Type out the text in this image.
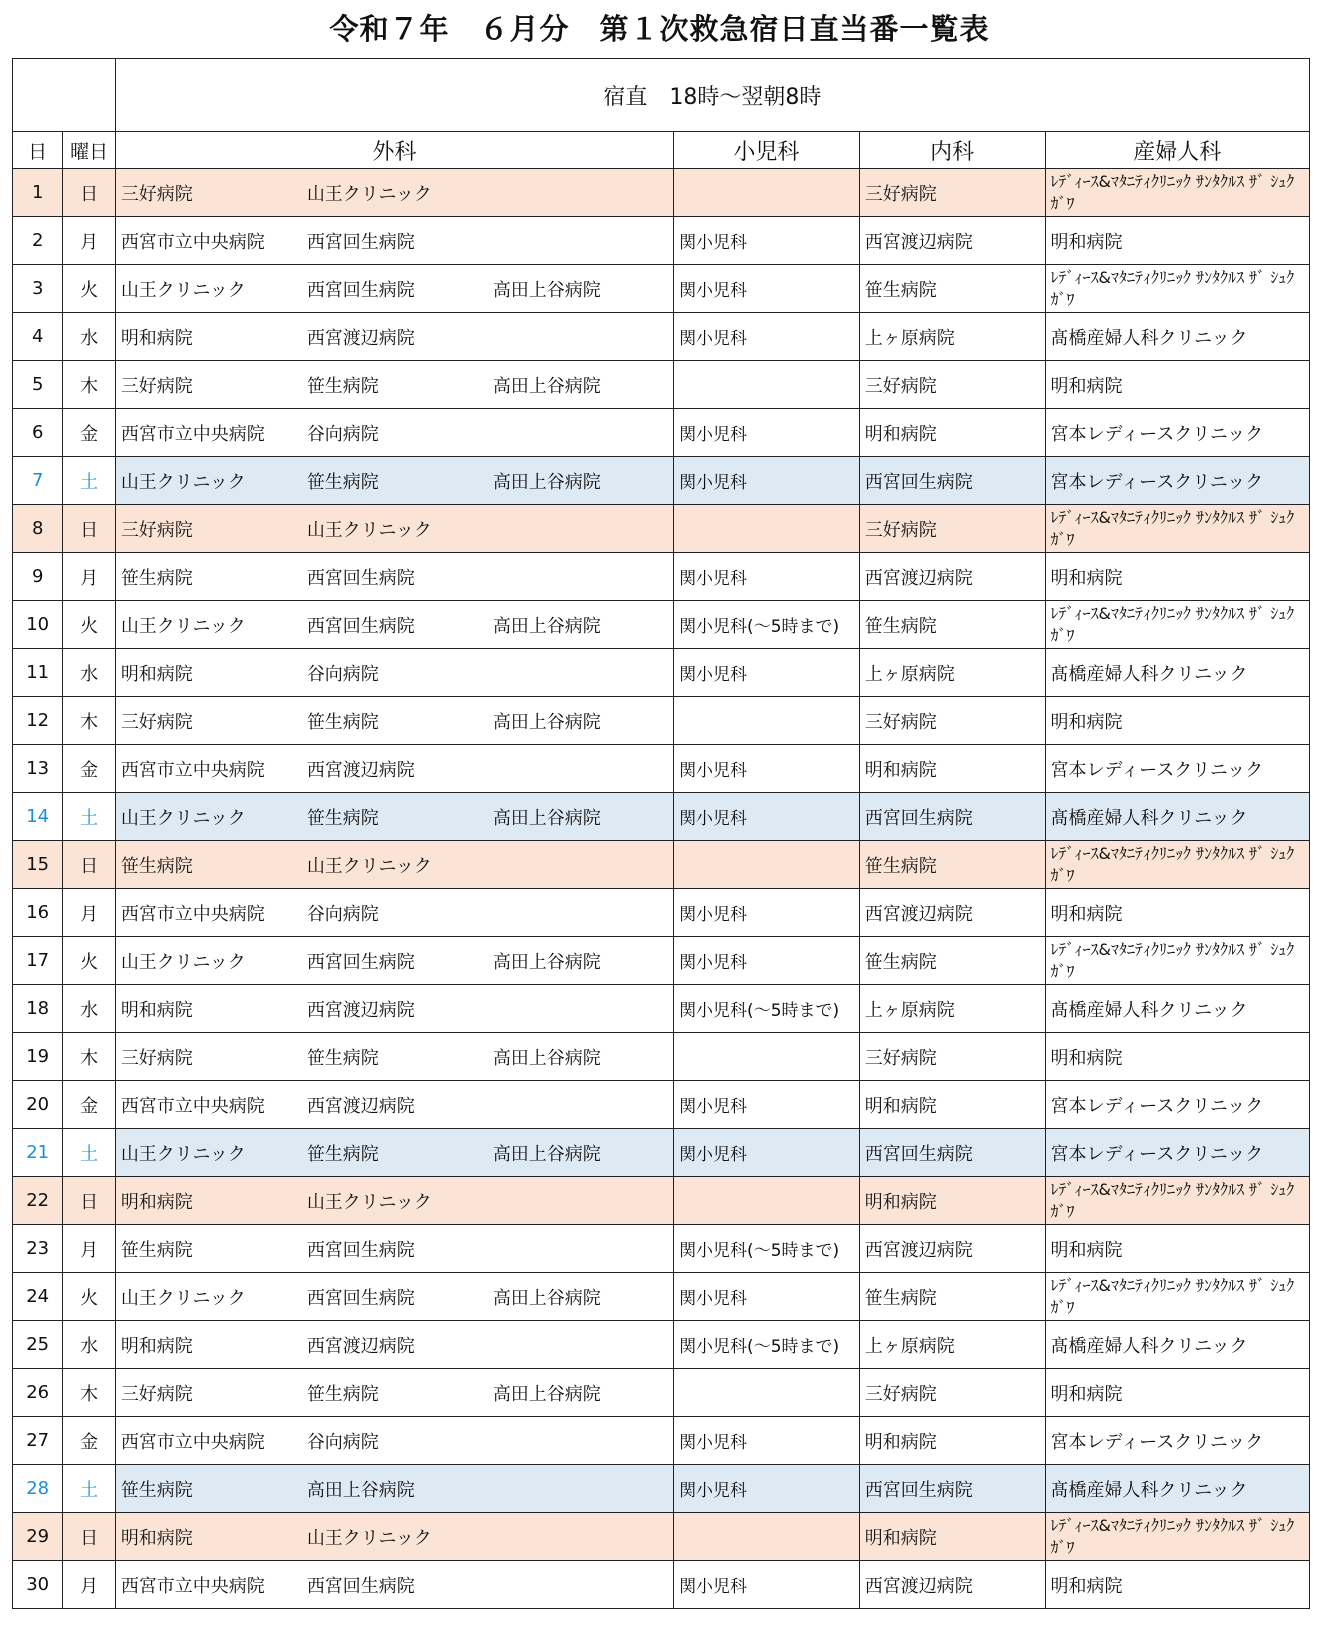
令和７年　６月分　第１次救急宿日直当番一覧表
		宿直　18時～翌朝8時			
日	曜日	外科	小児科	内科	産婦人科
1	日	三好病院 山王クリニック		三好病院	ﾚﾃﾞｨｰｽ&ﾏﾀﾆﾃｨｸﾘﾆｯｸ ｻﾝﾀｸﾙｽ ｻﾞ ｼｭｸｶﾞﾜ

2	月	西宮市立中央病院 西宮回生病院	関小児科	西宮渡辺病院	明和病院
3	火	山王クリニック 西宮回生病院 高田上谷病院	関小児科	笹生病院	ﾚﾃﾞｨｰｽ&ﾏﾀﾆﾃｨｸﾘﾆｯｸ ｻﾝﾀｸﾙｽ ｻﾞ ｼｭｸｶﾞﾜ

4	水	明和病院 西宮渡辺病院	関小児科	上ヶ原病院	髙橋産婦人科クリニック
5	木	三好病院 笹生病院 高田上谷病院		三好病院	明和病院
6	金	西宮市立中央病院 谷向病院	関小児科	明和病院	宮本レディースクリニック
7	土	山王クリニック 笹生病院 高田上谷病院	関小児科	西宮回生病院	宮本レディースクリニック
8	日	三好病院 山王クリニック		三好病院	ﾚﾃﾞｨｰｽ&ﾏﾀﾆﾃｨｸﾘﾆｯｸ ｻﾝﾀｸﾙｽ ｻﾞ ｼｭｸｶﾞﾜ

9	月	笹生病院 西宮回生病院	関小児科	西宮渡辺病院	明和病院
10	火	山王クリニック 西宮回生病院 高田上谷病院	関小児科(～5時まで)	笹生病院	ﾚﾃﾞｨｰｽ&ﾏﾀﾆﾃｨｸﾘﾆｯｸ ｻﾝﾀｸﾙｽ ｻﾞ ｼｭｸｶﾞﾜ

11	水	明和病院 谷向病院	関小児科	上ヶ原病院	髙橋産婦人科クリニック
12	木	三好病院 笹生病院 高田上谷病院		三好病院	明和病院
13	金	西宮市立中央病院 西宮渡辺病院	関小児科	明和病院	宮本レディースクリニック
14	土	山王クリニック 笹生病院 高田上谷病院	関小児科	西宮回生病院	髙橋産婦人科クリニック
15	日	笹生病院 山王クリニック		笹生病院	ﾚﾃﾞｨｰｽ&ﾏﾀﾆﾃｨｸﾘﾆｯｸ ｻﾝﾀｸﾙｽ ｻﾞ ｼｭｸｶﾞﾜ

16	月	西宮市立中央病院 谷向病院	関小児科	西宮渡辺病院	明和病院
17	火	山王クリニック 西宮回生病院 高田上谷病院	関小児科	笹生病院	ﾚﾃﾞｨｰｽ&ﾏﾀﾆﾃｨｸﾘﾆｯｸ ｻﾝﾀｸﾙｽ ｻﾞ ｼｭｸｶﾞﾜ

18	水	明和病院 西宮渡辺病院	関小児科(～5時まで)	上ヶ原病院	髙橋産婦人科クリニック
19	木	三好病院 笹生病院 高田上谷病院		三好病院	明和病院
20	金	西宮市立中央病院 西宮渡辺病院	関小児科	明和病院	宮本レディースクリニック
21	土	山王クリニック 笹生病院 高田上谷病院	関小児科	西宮回生病院	宮本レディースクリニック
22	日	明和病院 山王クリニック		明和病院	ﾚﾃﾞｨｰｽ&ﾏﾀﾆﾃｨｸﾘﾆｯｸ ｻﾝﾀｸﾙｽ ｻﾞ ｼｭｸｶﾞﾜ

23	月	笹生病院 西宮回生病院	関小児科(～5時まで)	西宮渡辺病院	明和病院
24	火	山王クリニック 西宮回生病院 高田上谷病院	関小児科	笹生病院	ﾚﾃﾞｨｰｽ&ﾏﾀﾆﾃｨｸﾘﾆｯｸ ｻﾝﾀｸﾙｽ ｻﾞ ｼｭｸｶﾞﾜ

25	水	明和病院 西宮渡辺病院	関小児科(～5時まで)	上ヶ原病院	髙橋産婦人科クリニック
26	木	三好病院 笹生病院 高田上谷病院		三好病院	明和病院
27	金	西宮市立中央病院 谷向病院	関小児科	明和病院	宮本レディースクリニック
28	土	笹生病院 高田上谷病院	関小児科	西宮回生病院	髙橋産婦人科クリニック
29	日	明和病院 山王クリニック		明和病院	ﾚﾃﾞｨｰｽ&ﾏﾀﾆﾃｨｸﾘﾆｯｸ ｻﾝﾀｸﾙｽ ｻﾞ ｼｭｸｶﾞﾜ

30	月	西宮市立中央病院 西宮回生病院	関小児科	西宮渡辺病院	明和病院
